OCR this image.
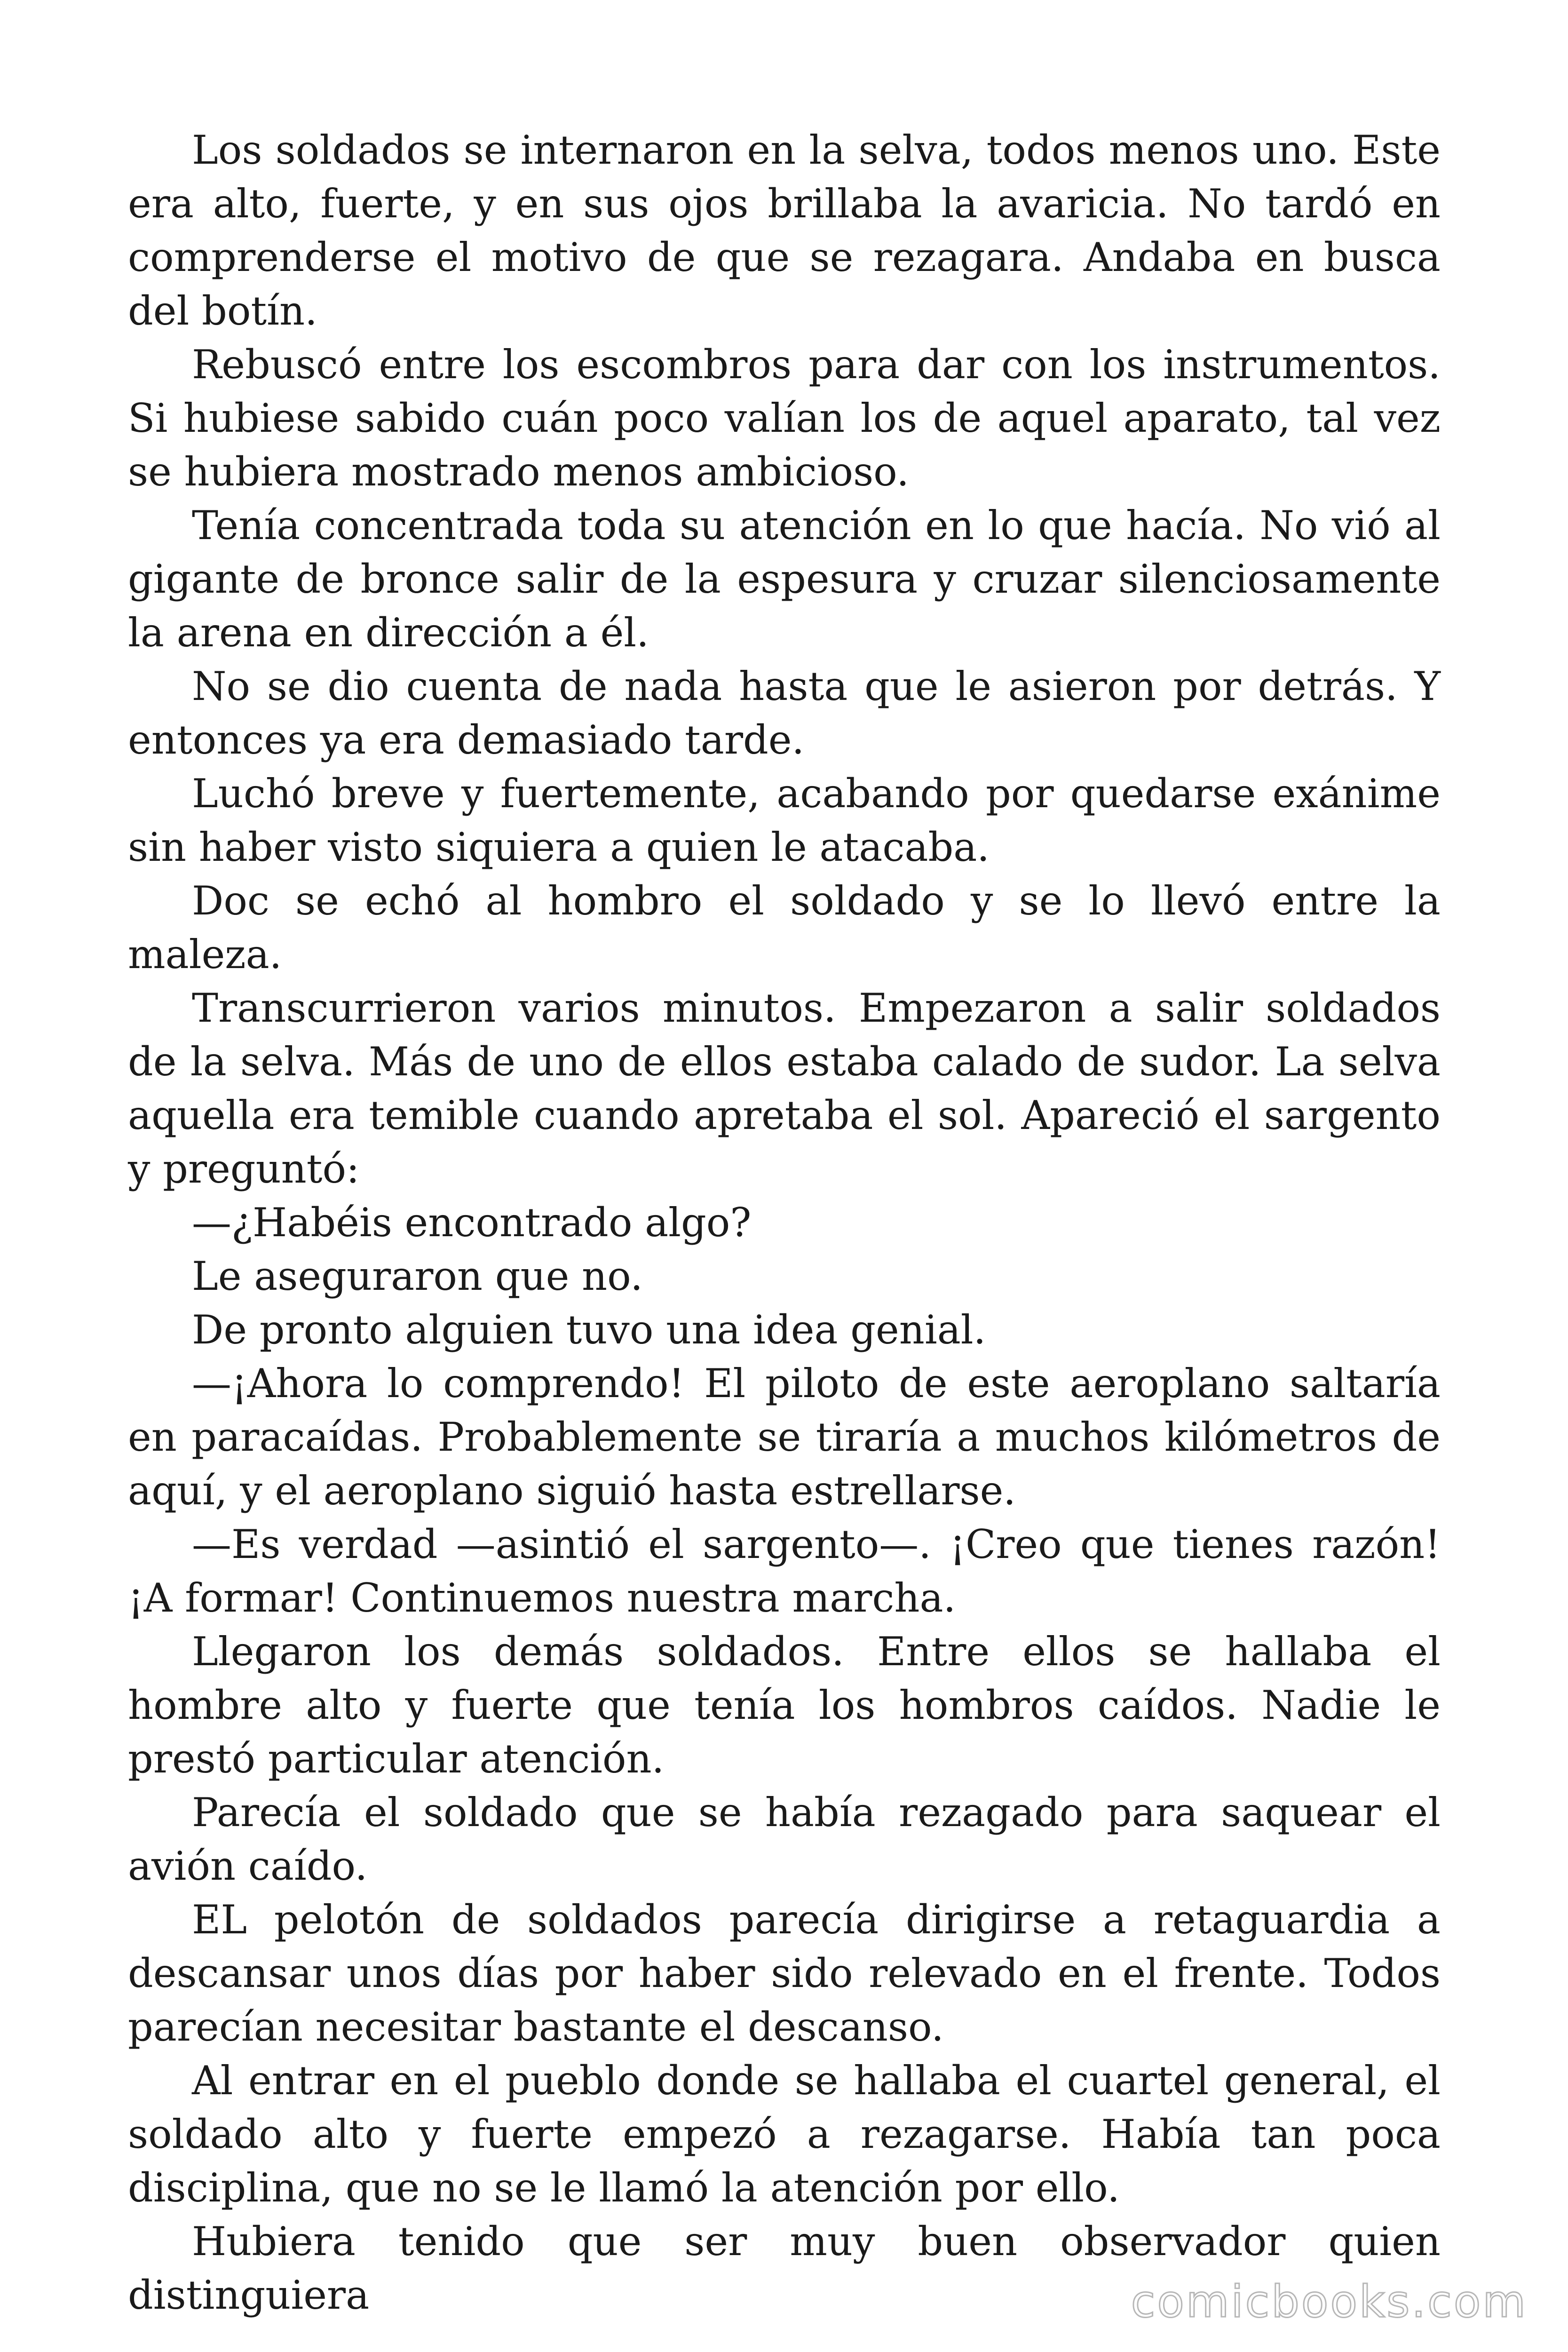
Los soldados se internaron en la selva, todos menos uno. Este era alto, fuerte, y en sus ojos brillaba la avaricia. No tardó en comprenderse el motivo de que se rezagara. Andaba en busca del botín.

Rebuscó entre los escombros para dar con los instrumentos. Si hubiese sabido cuán poco valían los de aquel aparato, tal vez se hubiera mostrado menos ambicioso.

Tenía concentrada toda su atención en lo que hacía. No vió al gigante de bronce salir de la espesura y cruzar silenciosamente la arena en dirección a él.

No se dio cuenta de nada hasta que le asieron por detrás. Y entonces ya era demasiado tarde.

Luchó breve y fuertemente, acabando por quedarse exánime sin haber visto siquiera a quien le atacaba.

Doc se echó al hombro el soldado y se lo llevó entre la maleza.

Transcurrieron varios minutos. Empezaron a salir soldados de la selva. Más de uno de ellos estaba calado de sudor. La selva aquella era temible cuando apretaba el sol. Apareció el sargento y preguntó:

—¿Habéis encontrado algo?

Le aseguraron que no.

De pronto alguien tuvo una idea genial.

—¡Ahora lo comprendo! El piloto de este aeroplano saltaría en paracaídas. Probablemente se tiraría a muchos kilómetros de aquí, y el aeroplano siguió hasta estrellarse.

—Es verdad —asintió el sargento—. ¡Creo que tienes razón! ¡A formar! Continuemos nuestra marcha.

Llegaron los demás soldados. Entre ellos se hallaba el hombre alto y fuerte que tenía los hombros caídos. Nadie le prestó particular atención.

Parecía el soldado que se había rezagado para saquear el avión caído.

EL pelotón de soldados parecía dirigirse a retaguardia a descansar unos días por haber sido relevado en el frente. Todos parecían necesitar bastante el descanso.

Al entrar en el pueblo donde se hallaba el cuartel general, el soldado alto y fuerte empezó a rezagarse. Había tan poca disciplina, que no se le llamó la atención por ello.

Hubiera tenido que ser muy buen observador quien distinguiera	comicbooks.com
